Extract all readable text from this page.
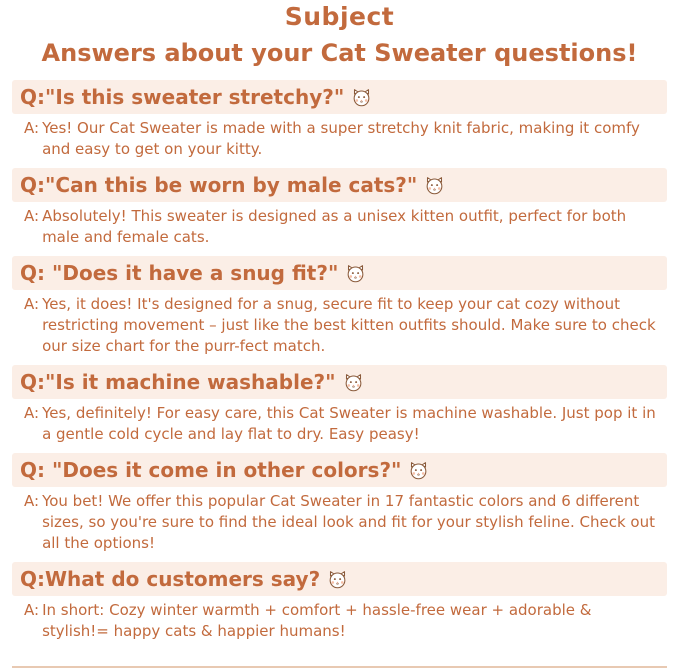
Subject
Answers about your Cat Sweater questions!
Q: "Is this sweater stretchy?"
A: Yes! Our Cat Sweater is made with a super stretchy knit fabric, making it comfy and easy to get on your kitty.
Q: "Can this be worn by male cats?"
A: Absolutely! This sweater is designed as a unisex kitten outfit, perfect for both male and female cats.
Q: "Does it have a snug fit?"
A: Yes, it does! It's designed for a snug, secure fit to keep your cat cozy without restricting movement – just like the best kitten outfits should. Make sure to check our size chart for the purr-fect match.
Q: "Is it machine washable?"
A: Yes, definitely! For easy care, this Cat Sweater is machine washable. Just pop it in a gentle cold cycle and lay flat to dry. Easy peasy!
Q: "Does it come in other colors?"
A: You bet! We offer this popular Cat Sweater in 17 fantastic colors and 6 different sizes, so you're sure to find the ideal look and fit for your stylish feline. Check out all the options!
Q: What do customers say?
A: In short: Cozy winter warmth + comfort + hassle-free wear + adorable & stylish!= happy cats & happier humans!
